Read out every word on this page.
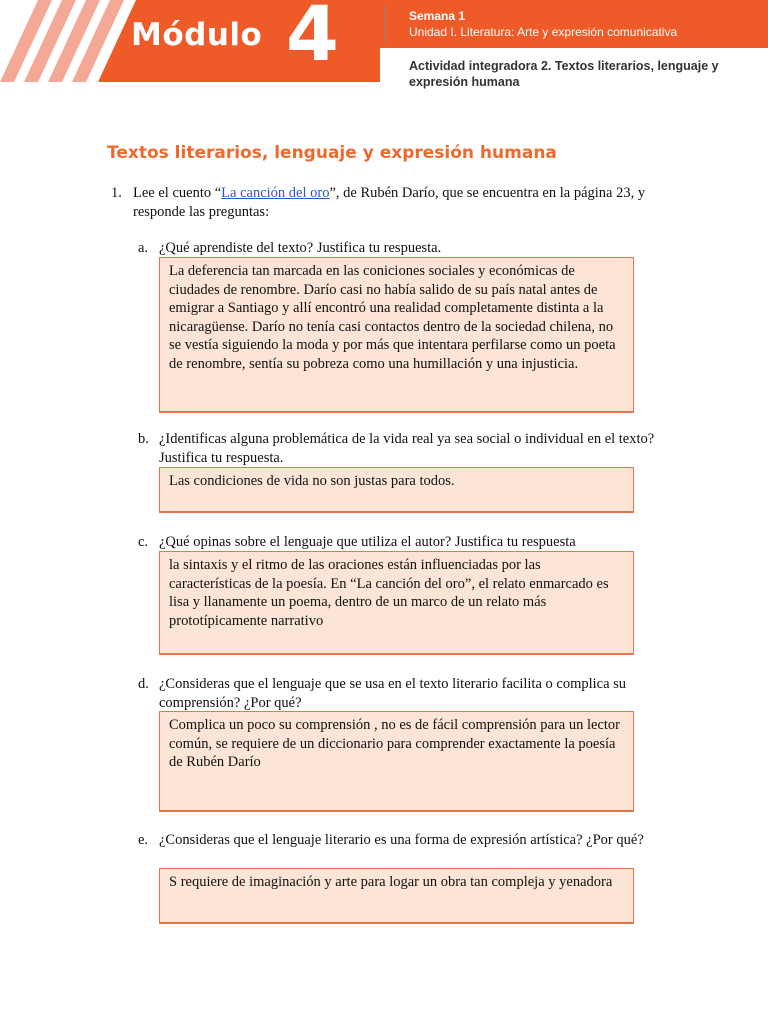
Módulo 4	Semana 1
Unidad I. Literatura: Arte y expresión comunicativa
Actividad integradora 2. Textos literarios, lenguaje y expresión humana
Textos literarios, lenguaje y expresión humana
1. Lee el cuento “La canción del oro”, de Rubén Darío, que se encuentra en la página 23, y responde las preguntas:
a. ¿Qué aprendiste del texto? Justifica tu respuesta.
La deferencia tan marcada en las coniciones sociales y económicas de ciudades de renombre. Darío casi no había salido de su país natal antes de emigrar a Santiago y allí encontró una realidad completamente distinta a la nicaragüense. Darío no tenía casi contactos dentro de la sociedad chilena, no se vestía siguiendo la moda y por más que intentara perfilarse como un poeta de renombre, sentía su pobreza como una humillación y una injusticia.
b. ¿Identificas alguna problemática de la vida real ya sea social o individual en el texto? Justifica tu respuesta.
Las condiciones de vida no son justas para todos.
c. ¿Qué opinas sobre el lenguaje que utiliza el autor? Justifica tu respuesta
la sintaxis y el ritmo de las oraciones están influenciadas por las características de la poesía. En “La canción del oro”, el relato enmarcado es lisa y llanamente un poema, dentro de un marco de un relato más prototípicamente narrativo
d. ¿Consideras que el lenguaje que se usa en el texto literario facilita o complica su comprensión? ¿Por qué?
Complica un poco su comprensión , no es de fácil comprensión para un lector común, se requiere de un diccionario para comprender exactamente la poesía de Rubén Darío
e. ¿Consideras que el lenguaje literario es una forma de expresión artística? ¿Por qué?
S requiere de imaginación y arte para logar un obra tan compleja y yenadora
